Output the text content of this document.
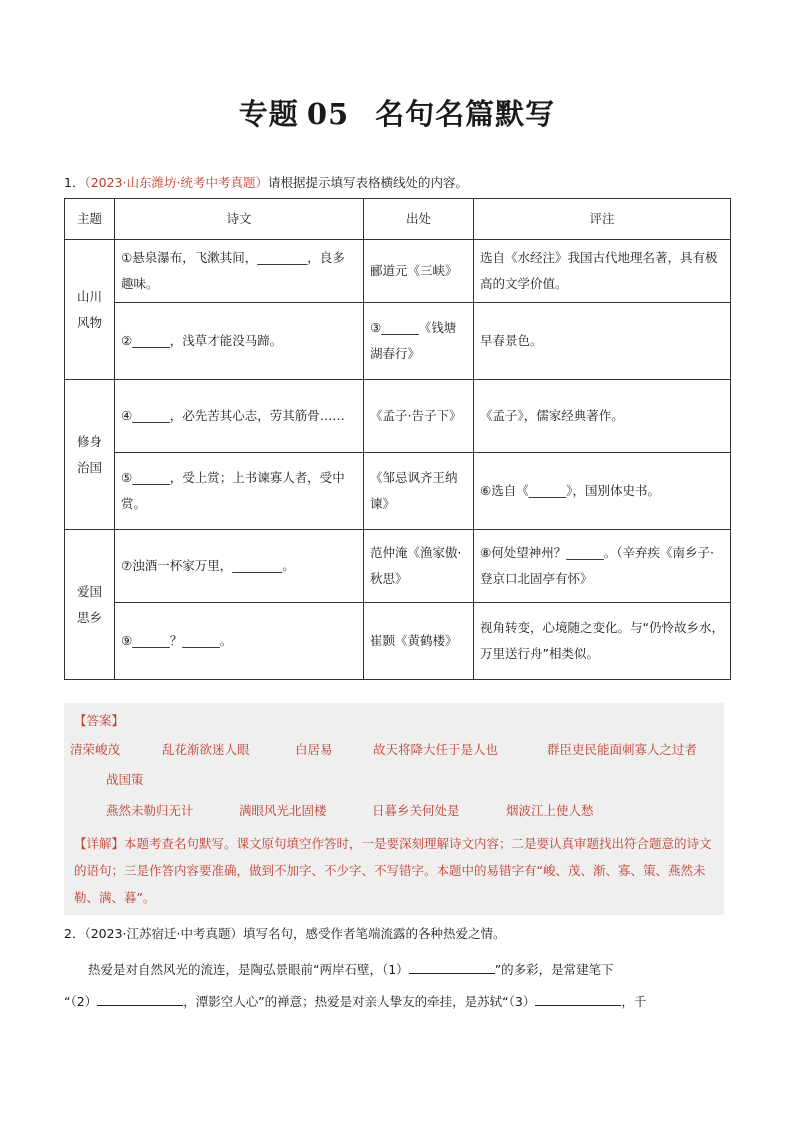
专题 05 名句名篇默写
1．（2023·山东潍坊·统考中考真题）请根据提示填写表格横线处的内容。
主题	诗文	出处	评注
山川风物	①悬泉瀑布，飞漱其间，________，良多趣味。	郦道元《三峡》	选自《水经注》我国古代地理名著，具有极高的文学价值。
	②______，浅草才能没马蹄。	③______《钱塘湖春行》	早春景色。
修身治国	④______，必先苦其心志，劳其筋骨……	《孟子·告子下》	《孟子》，儒家经典著作。
	⑤______，受上赏；上书谏寡人者，受中赏。	《邹忌讽齐王纳谏》	⑥选自《______》，国别体史书。
爱国思乡	⑦浊酒一杯家万里，________。	范仲淹《渔家傲·秋思》	⑧何处望神州？______。（辛弃疾《南乡子·登京口北固亭有怀》
	⑨______？______。	崔颢《黄鹤楼》	视角转变，心境随之变化。与“仍怜故乡水，万里送行舟”相类似。
【答案】
清荣峻茂	乱花渐欲迷人眼	白居易	故天将降大任于是人也	群臣吏民能面刺寡人之过者
战国策
燕然未勒归无计	满眼风光北固楼	日暮乡关何处是	烟波江上使人愁
【详解】本题考查名句默写。课文原句填空作答时，一是要深刻理解诗文内容；二是要认真审题找出符合题意的诗文的语句；三是作答内容要准确，做到不加字、不少字、不写错字。本题中的易错字有“峻、茂、渐、寡、策、燕然未勒、满、暮”。
2．（2023·江苏宿迁·中考真题）填写名句，感受作者笔端流露的各种热爱之情。
热爱是对自然风光的流连，是陶弘景眼前“两岸石壁，（1）	”的多彩，是常建笔下
“（2）	，潭影空人心”的禅意；热爱是对亲人挚友的牵挂，是苏轼“（3）	，千
